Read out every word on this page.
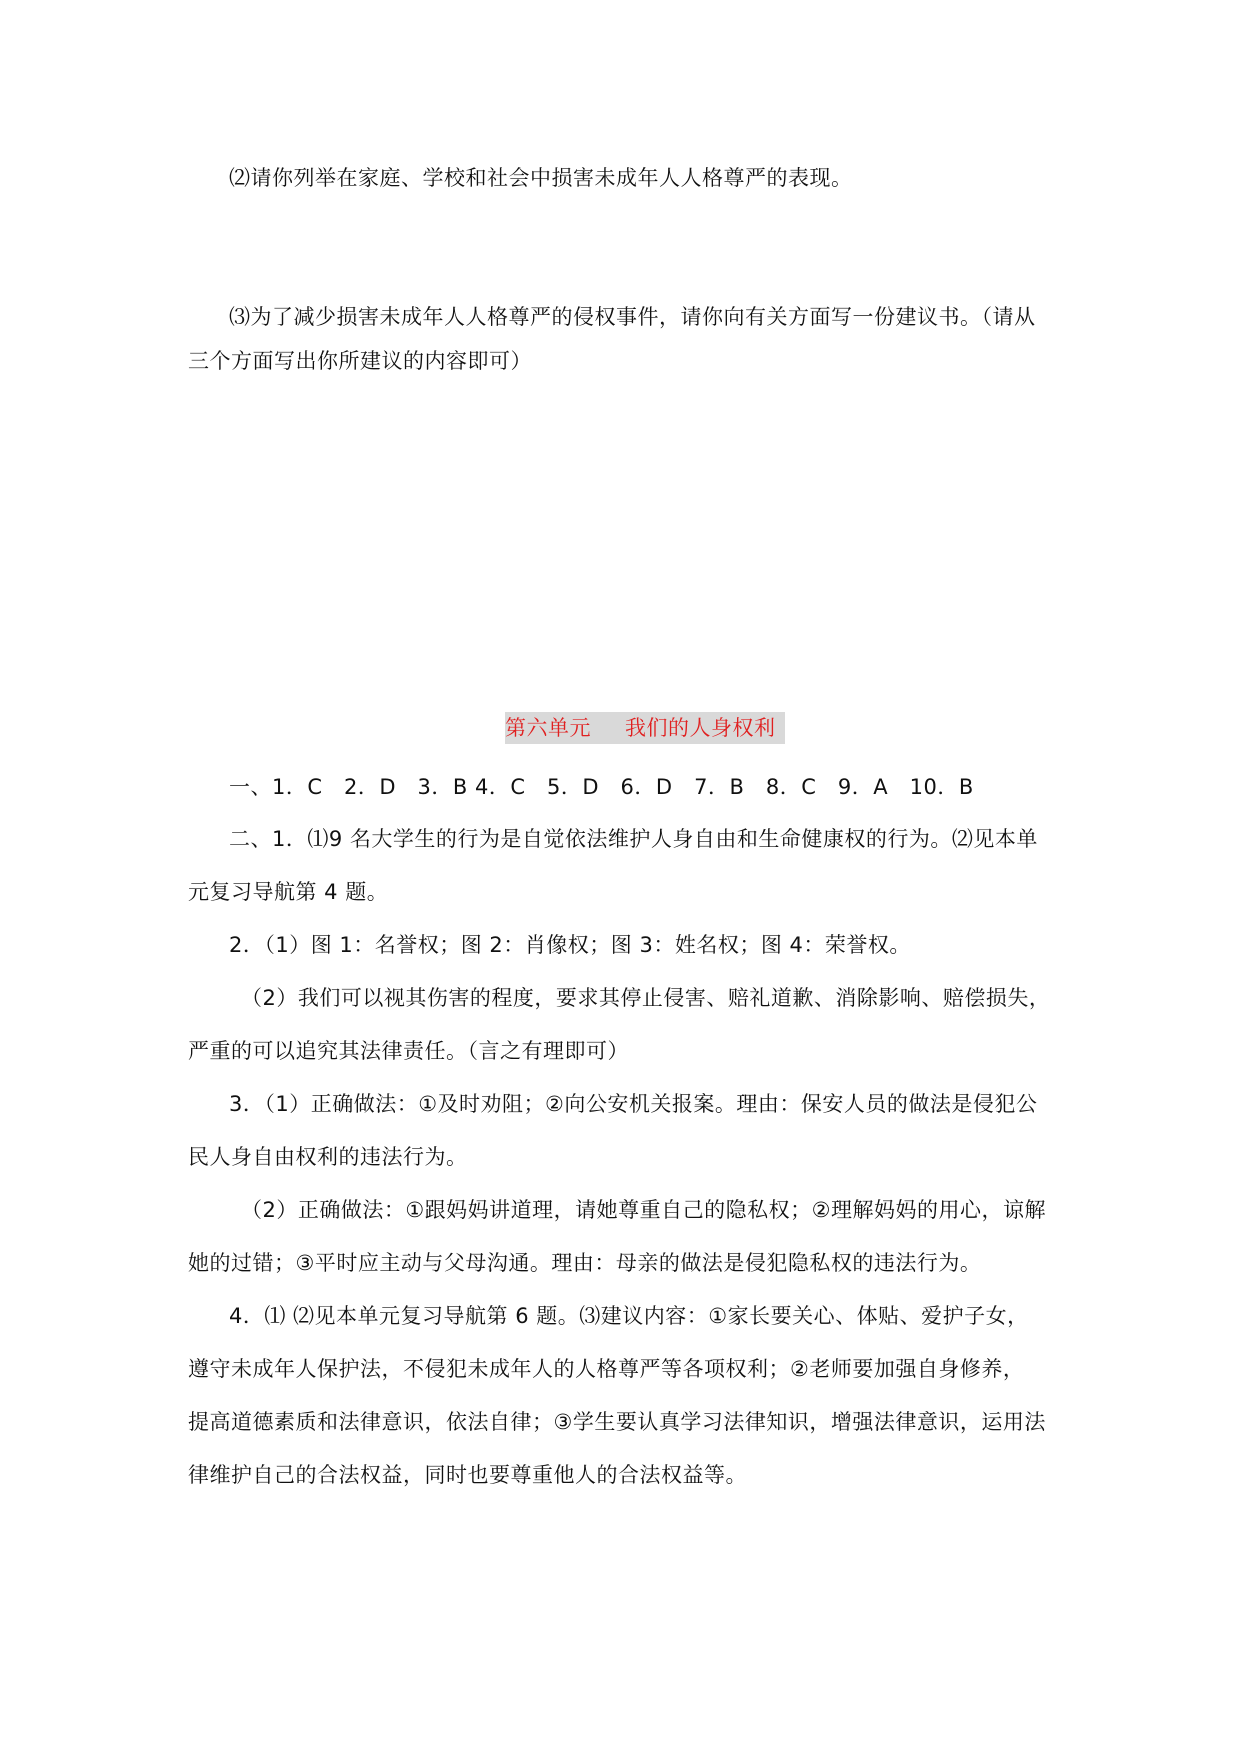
⑵请你列举在家庭、学校和社会中损害未成年人人格尊严的表现。
⑶为了减少损害未成年人人格尊严的侵权事件，请你向有关方面写一份建议书。（请从
三个方面写出你所建议的内容即可）
第六单元 我们的人身权利
一、1．C　2．D　3．B 4．C　5．D　6．D　7．B　8．C　9．A　10．B
二、1．⑴9 名大学生的行为是自觉依法维护人身自由和生命健康权的行为。⑵见本单
元复习导航第 4 题。
2．（1）图 1：名誉权；图 2：肖像权；图 3：姓名权；图 4：荣誉权。
（2）我们可以视其伤害的程度，要求其停止侵害、赔礼道歉、消除影响、赔偿损失，
严重的可以追究其法律责任。（言之有理即可）
3．（1）正确做法：①及时劝阻；②向公安机关报案。理由：保安人员的做法是侵犯公
民人身自由权利的违法行为。
（2）正确做法：①跟妈妈讲道理，请她尊重自己的隐私权；②理解妈妈的用心，谅解
她的过错；③平时应主动与父母沟通。理由：母亲的做法是侵犯隐私权的违法行为。
4．⑴ ⑵见本单元复习导航第 6 题。⑶建议内容：①家长要关心、体贴、爱护子女，
遵守未成年人保护法，不侵犯未成年人的人格尊严等各项权利；②老师要加强自身修养，
提高道德素质和法律意识，依法自律；③学生要认真学习法律知识，增强法律意识，运用法
律维护自己的合法权益，同时也要尊重他人的合法权益等。
